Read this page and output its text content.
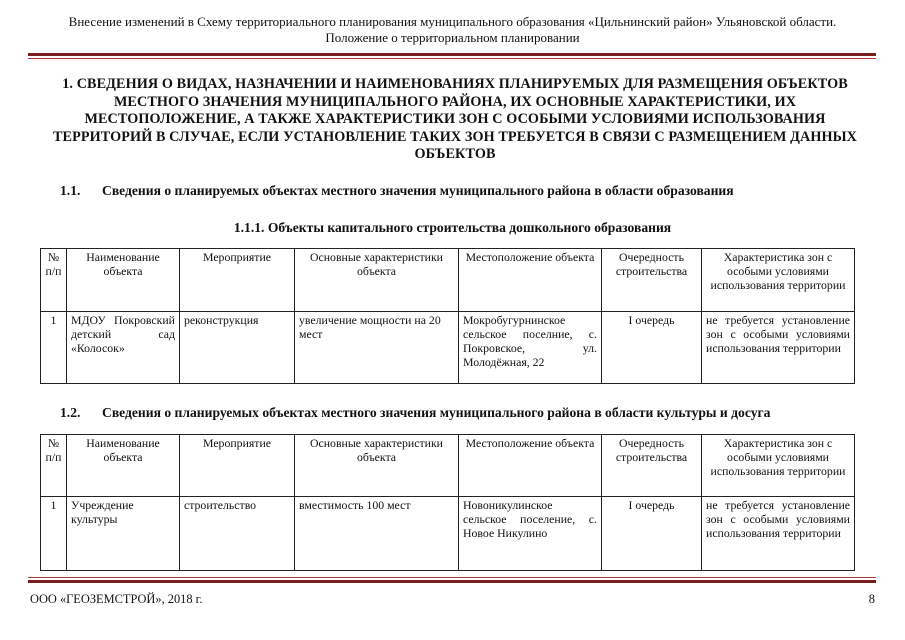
Внесение изменений в Схему территориального планирования муниципального образования «Цильнинский район» Ульяновской области.
Положение о территориальном планировании
1. СВЕДЕНИЯ О ВИДАХ, НАЗНАЧЕНИИ И НАИМЕНОВАНИЯХ ПЛАНИРУЕМЫХ ДЛЯ РАЗМЕЩЕНИЯ ОБЪЕКТОВ МЕСТНОГО ЗНАЧЕНИЯ МУНИЦИПАЛЬНОГО РАЙОНА, ИХ ОСНОВНЫЕ ХАРАКТЕРИСТИКИ, ИХ МЕСТОПОЛОЖЕНИЕ, А ТАКЖЕ ХАРАКТЕРИСТИКИ ЗОН С ОСОБЫМИ УСЛОВИЯМИ ИСПОЛЬЗОВАНИЯ ТЕРРИТОРИЙ В СЛУЧАЕ, ЕСЛИ УСТАНОВЛЕНИЕ ТАКИХ ЗОН ТРЕБУЕТСЯ В СВЯЗИ С РАЗМЕЩЕНИЕМ ДАННЫХ ОБЪЕКТОВ
1.1. Сведения о планируемых объектах местного значения муниципального района в области образования
1.1.1. Объекты капитального строительства дошкольного образования
№ п/п	Наименование объекта	Мероприятие	Основные характеристики объекта	Местоположение объекта	Очередность строительства	Характеристика зон с особыми условиями использования территории
1	МДОУ Покровский детский сад «Колосок»	реконструкция	увеличение мощности на 20 мест	Мокробугурнинское сельское поселние, с. Покровское, ул. Молодёжная, 22	I очередь	не требуется установление зон с особыми условиями использования территории
1.2. Сведения о планируемых объектах местного значения муниципального района в области культуры и досуга
№ п/п	Наименование объекта	Мероприятие	Основные характеристики объекта	Местоположение объекта	Очередность строительства	Характеристика зон с особыми условиями использования территории
1	Учреждение культуры	строительство	вместимость 100 мест	Новоникулинское сельское поселение, с. Новое Никулино	I очередь	не требуется установление зон с особыми условиями использования территории
ООО «ГЕОЗЕМСТРОЙ», 2018 г.	8
